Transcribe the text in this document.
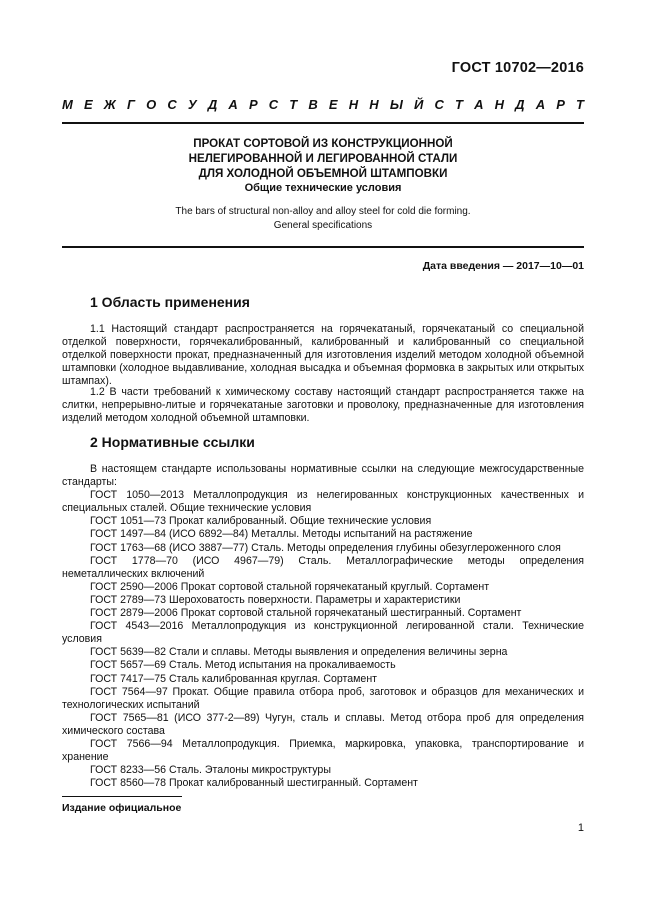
ГОСТ 10702—2016
М Е Ж Г О С У Д А Р С Т В Е Н Н Ы Й С Т А Н Д А Р Т
ПРОКАТ СОРТОВОЙ ИЗ КОНСТРУКЦИОННОЙ
НЕЛЕГИРОВАННОЙ И ЛЕГИРОВАННОЙ СТАЛИ
ДЛЯ ХОЛОДНОЙ ОБЪЕМНОЙ ШТАМПОВКИ
Общие технические условия
The bars of structural non-alloy and alloy steel for cold die forming.
General specifications
Дата введения — 2017—10—01
1 Область применения

1.1 Настоящий стандарт распространяется на горячекатаный, горячекатаный со специальной отделкой поверхности, горячекалиброванный, калиброванный и калиброванный со специальной отделкой поверхности прокат, предназначенный для изготовления изделий методом холодной объемной штамповки (холодное выдавливание, холодная высадка и объемная формовка в закрытых или открытых штампах).

1.2 В части требований к химическому составу настоящий стандарт распространяется также на слитки, непрерывно-литые и горячекатаные заготовки и проволоку, предназначенные для изготовления изделий методом холодной объемной штамповки.

2 Нормативные ссылки

В настоящем стандарте использованы нормативные ссылки на следующие межгосударственные стандарты:

ГОСТ 1050—2013 Металлопродукция из нелегированных конструкционных качественных и специальных сталей. Общие технические условия

ГОСТ 1051—73 Прокат калиброванный. Общие технические условия

ГОСТ 1497—84 (ИСО 6892—84) Металлы. Методы испытаний на растяжение

ГОСТ 1763—68 (ИСО 3887—77) Сталь. Методы определения глубины обезуглероженного слоя

ГОСТ 1778—70 (ИСО 4967—79) Сталь. Металлографические методы определения неметаллических включений

ГОСТ 2590—2006 Прокат сортовой стальной горячекатаный круглый. Сортамент

ГОСТ 2789—73 Шероховатость поверхности. Параметры и характеристики

ГОСТ 2879—2006 Прокат сортовой стальной горячекатаный шестигранный. Сортамент

ГОСТ 4543—2016 Металлопродукция из конструкционной легированной стали. Технические условия

ГОСТ 5639—82 Стали и сплавы. Методы выявления и определения величины зерна

ГОСТ 5657—69 Сталь. Метод испытания на прокаливаемость

ГОСТ 7417—75 Сталь калиброванная круглая. Сортамент

ГОСТ 7564—97 Прокат. Общие правила отбора проб, заготовок и образцов для механических и технологических испытаний

ГОСТ 7565—81 (ИСО 377-2—89) Чугун, сталь и сплавы. Метод отбора проб для определения химического состава

ГОСТ 7566—94 Металлопродукция. Приемка, маркировка, упаковка, транспортирование и хранение

ГОСТ 8233—56 Сталь. Эталоны микроструктуры

ГОСТ 8560—78 Прокат калиброванный шестигранный. Сортамент

Издание официальное
1
